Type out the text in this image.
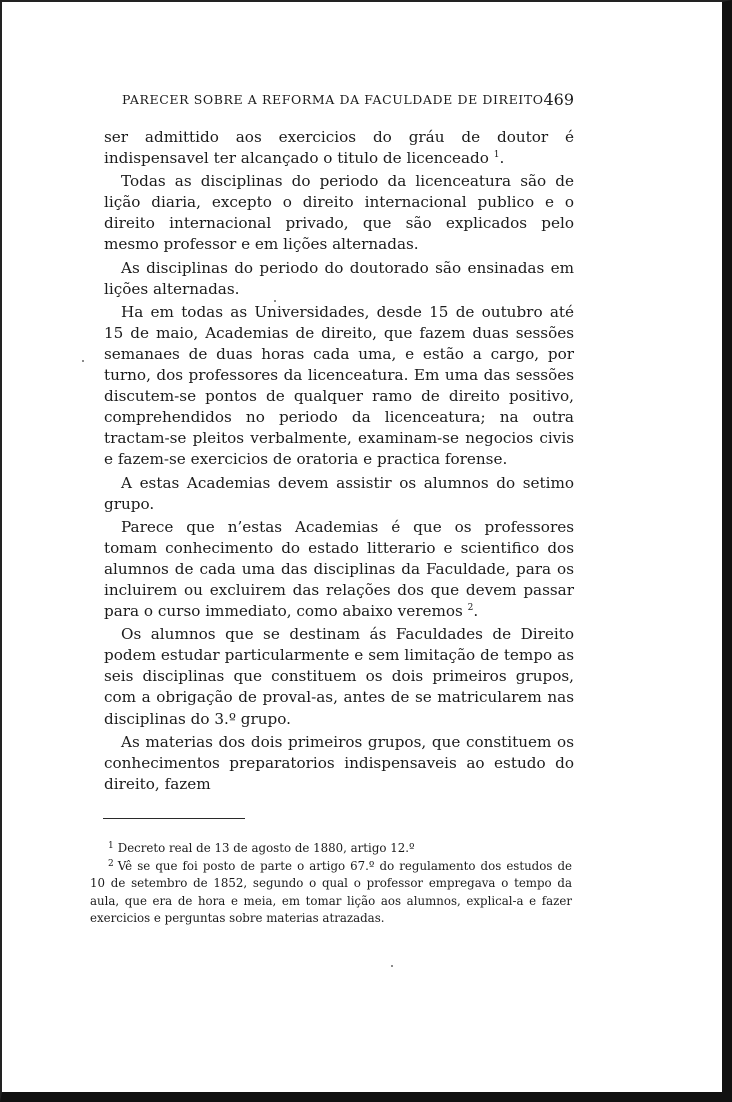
PARECER SOBRE A REFORMA DA FACULDADE DE DIREITO 469

ser admittido aos exercicios do gráu de doutor é indispensavel ter alcançado o titulo de licenceado $^1$.

Todas as disciplinas do periodo da licenceatura são de lição diaria, excepto o direito internacional publico e o direito internacional privado, que são explicados pelo mesmo professor e em lições alternadas.

As disciplinas do periodo do doutorado são ensinadas em lições alternadas.

Ha em todas as Universidades, desde 15 de outubro até 15 de maio, Academias de direito, que fazem duas sessões semanaes de duas horas cada uma, e estão a cargo, por turno, dos professores da licenceatura. Em uma das sessões discutem-se pontos de qualquer ramo de direito positivo, comprehendidos no periodo da licenceatura; na outra tractam-se pleitos verbalmente, examinam-se negocios civis e fazem-se exercicios de oratoria e practica forense.

A estas Academias devem assistir os alumnos do setimo grupo.

Parece que n’estas Academias é que os professores tomam conhecimento do estado litterario e scientifico dos alumnos de cada uma das disciplinas da Faculdade, para os incluirem ou excluirem das relações dos que devem passar para o curso immediato, como abaixo veremos $^2$.

Os alumnos que se destinam ás Faculdades de Direito podem estudar particularmente e sem limitação de tempo as seis disciplinas que constituem os dois primeiros grupos, com a obrigação de proval-as, antes de se matricularem nas disciplinas do 3.º grupo.

As materias dos dois primeiros grupos, que constituem os conhecimentos preparatorios indispensaveis ao estudo do direito, fazem

$^1$ Decreto real de 13 de agosto de 1880, artigo 12.º

$^2$ Vê se que foi posto de parte o artigo 67.º do regulamento dos estudos de 10 de setembro de 1852, segundo o qual o professor empregava o tempo da aula, que era de hora e meia, em tomar lição aos alumnos, explical-a e fazer exercicios e perguntas sobre materias atrazadas.
